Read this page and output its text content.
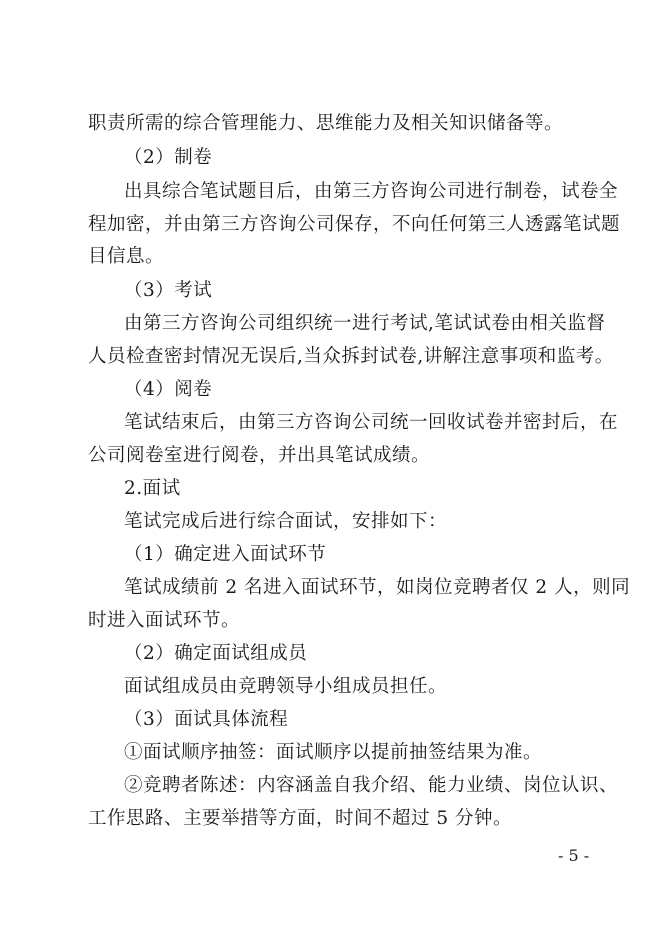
职责所需的综合管理能力、思维能力及相关知识储备等。
（2）制卷
出具综合笔试题目后，由第三方咨询公司进行制卷，试卷全
程加密，并由第三方咨询公司保存，不向任何第三人透露笔试题
目信息。
（3）考试
由第三方咨询公司组织统一进行考试,笔试试卷由相关监督
人员检查密封情况无误后,当众拆封试卷,讲解注意事项和监考。
（4）阅卷
笔试结束后，由第三方咨询公司统一回收试卷并密封后，在
公司阅卷室进行阅卷，并出具笔试成绩。
2.面试
笔试完成后进行综合面试，安排如下：
（1）确定进入面试环节
笔试成绩前 2 名进入面试环节，如岗位竞聘者仅 2 人，则同
时进入面试环节。
（2）确定面试组成员
面试组成员由竞聘领导小组成员担任。
（3）面试具体流程
①面试顺序抽签：面试顺序以提前抽签结果为准。
②竞聘者陈述：内容涵盖自我介绍、能力业绩、岗位认识、
工作思路、主要举措等方面，时间不超过 5 分钟。
- 5 -
